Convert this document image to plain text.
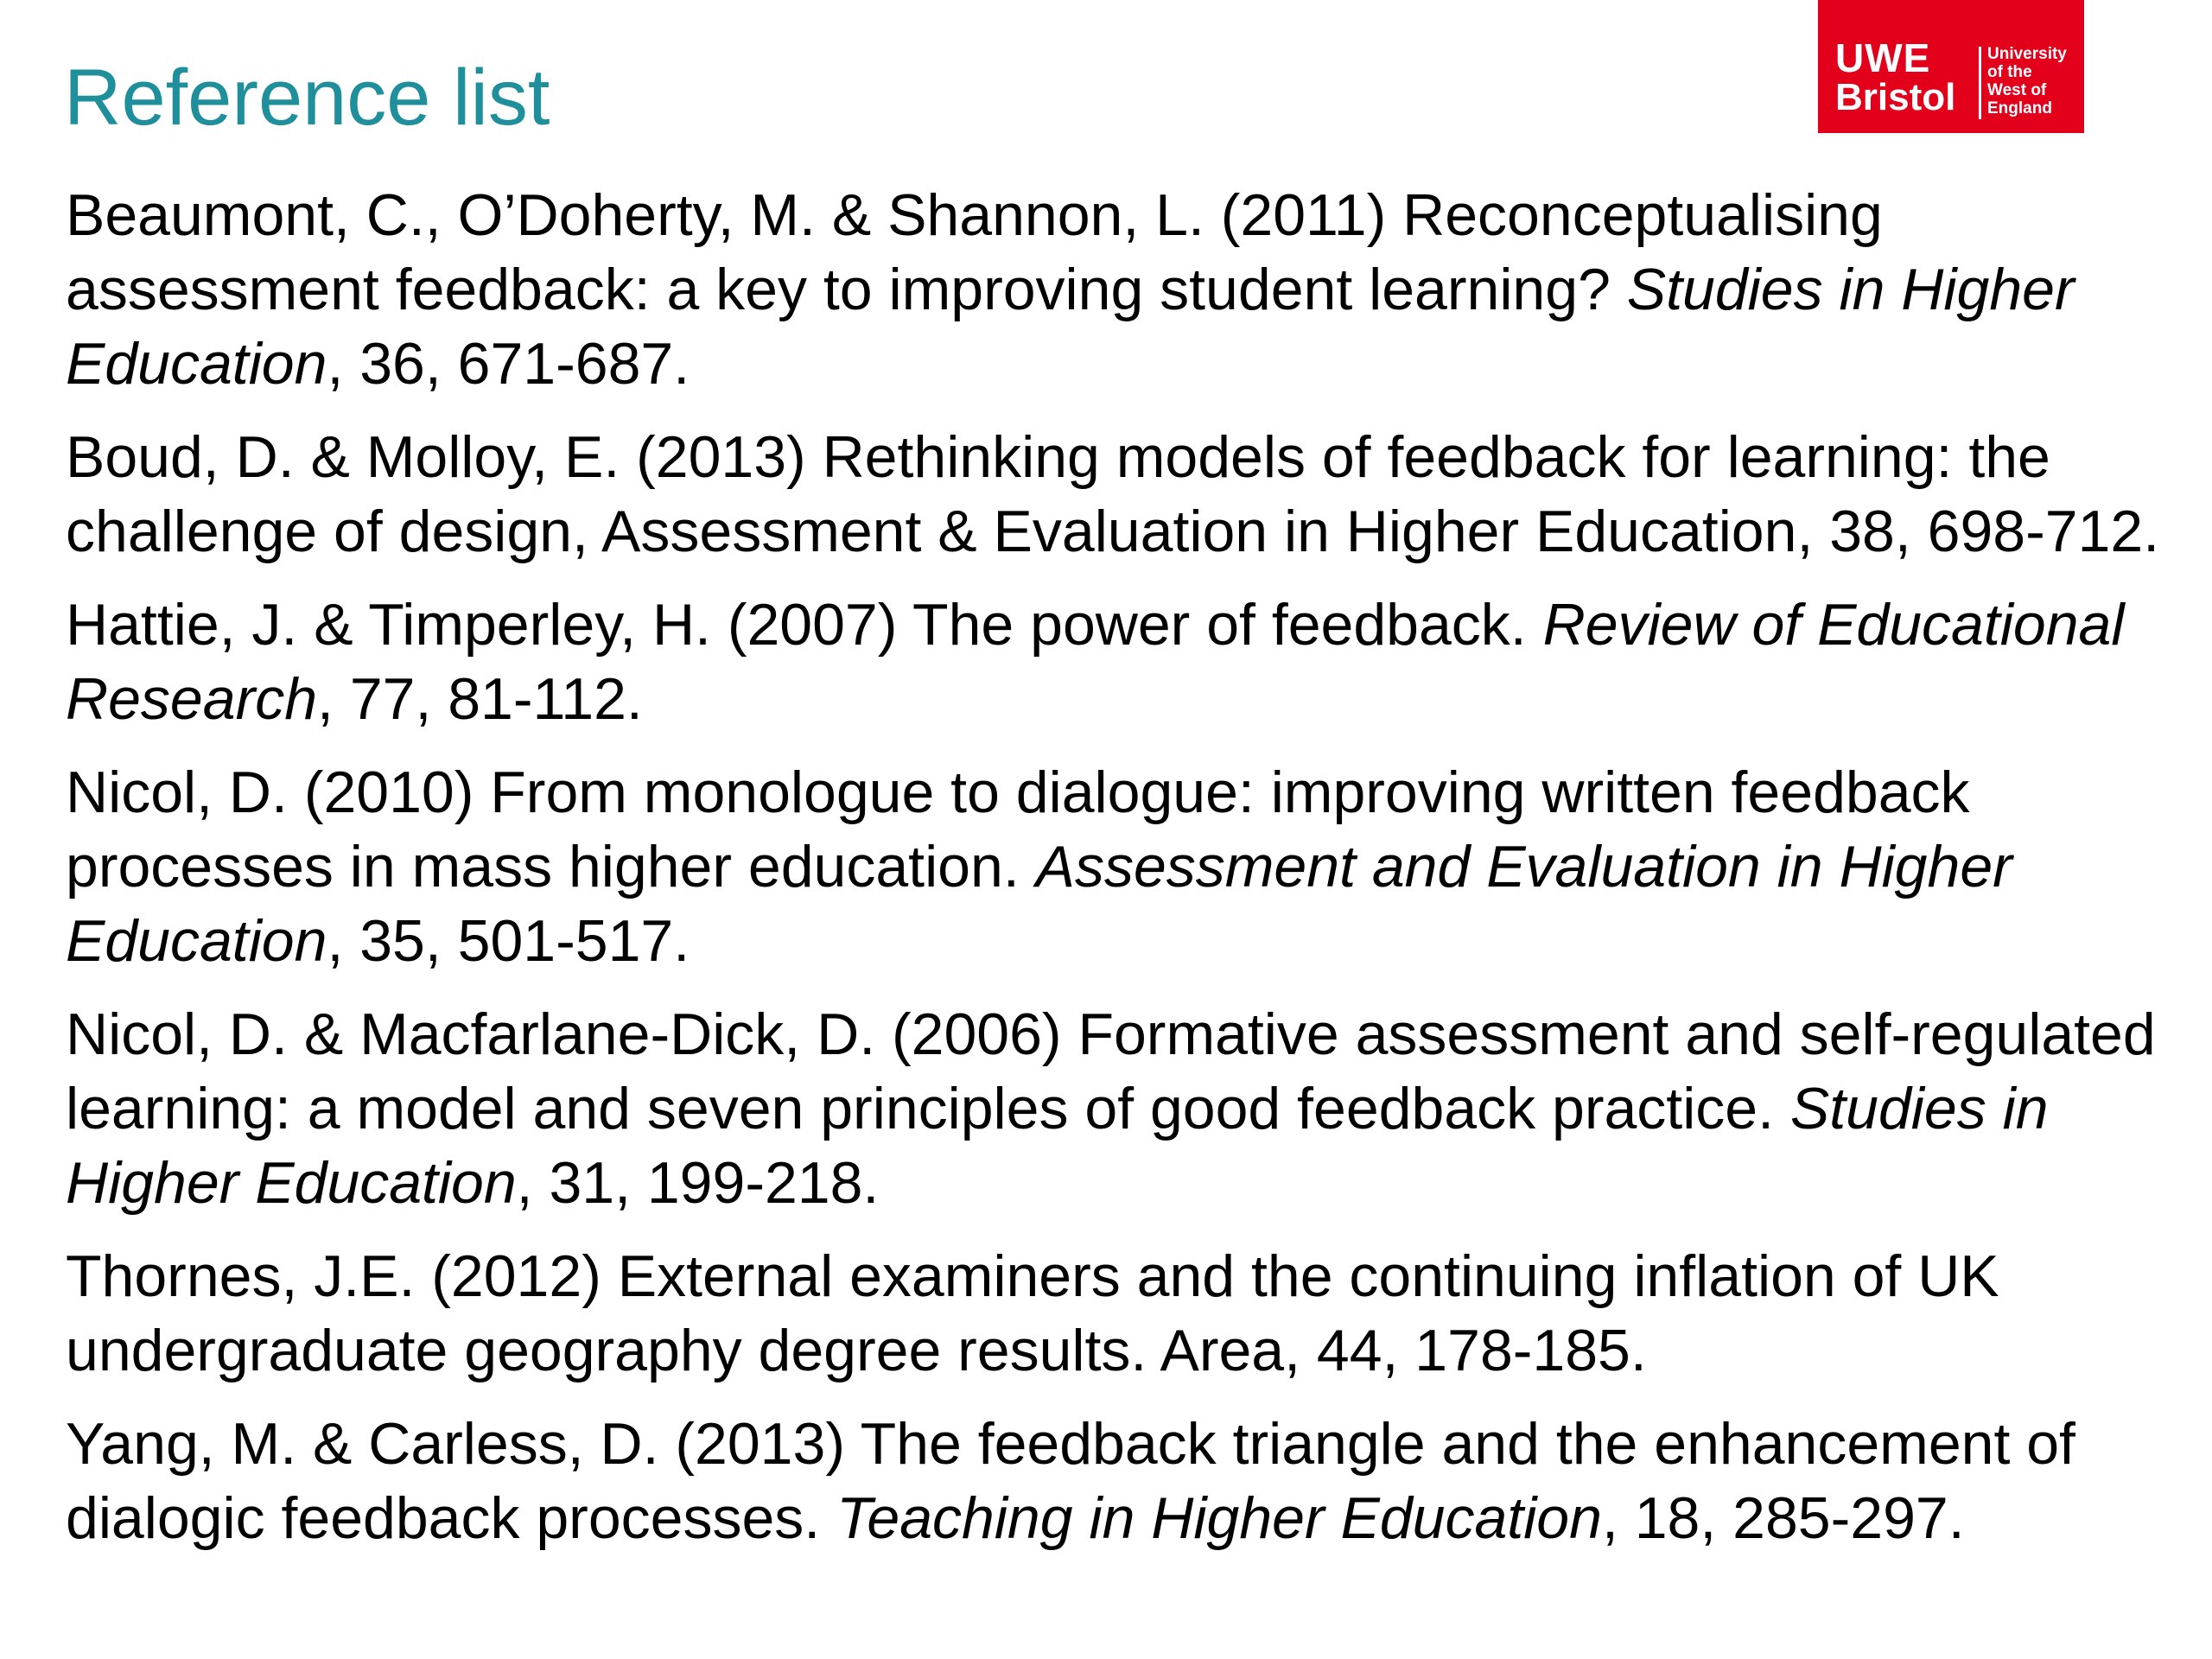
Reference list	UWE
Bristol
University
of the
West of
England
Beaumont, C., O’Doherty, M. & Shannon, L. (2011) Reconceptualising assessment feedback: a key to improving student learning? Studies in Higher Education, 36, 671-687.
Boud, D. & Molloy, E. (2013) Rethinking models of feedback for learning: the challenge of design, Assessment & Evaluation in Higher Education, 38, 698-712.
Hattie, J. & Timperley, H. (2007) The power of feedback. Review of Educational Research, 77, 81-112.
Nicol, D. (2010) From monologue to dialogue: improving written feedback processes in mass higher education. Assessment and Evaluation in Higher Education, 35, 501-517.
Nicol, D. & Macfarlane-Dick, D. (2006) Formative assessment and self-regulated learning: a model and seven principles of good feedback practice. Studies in Higher Education, 31, 199-218.
Thornes, J.E. (2012) External examiners and the continuing inflation of UK undergraduate geography degree results. Area, 44, 178-185.
Yang, M. & Carless, D. (2013) The feedback triangle and the enhancement of dialogic feedback processes. Teaching in Higher Education, 18, 285-297.
